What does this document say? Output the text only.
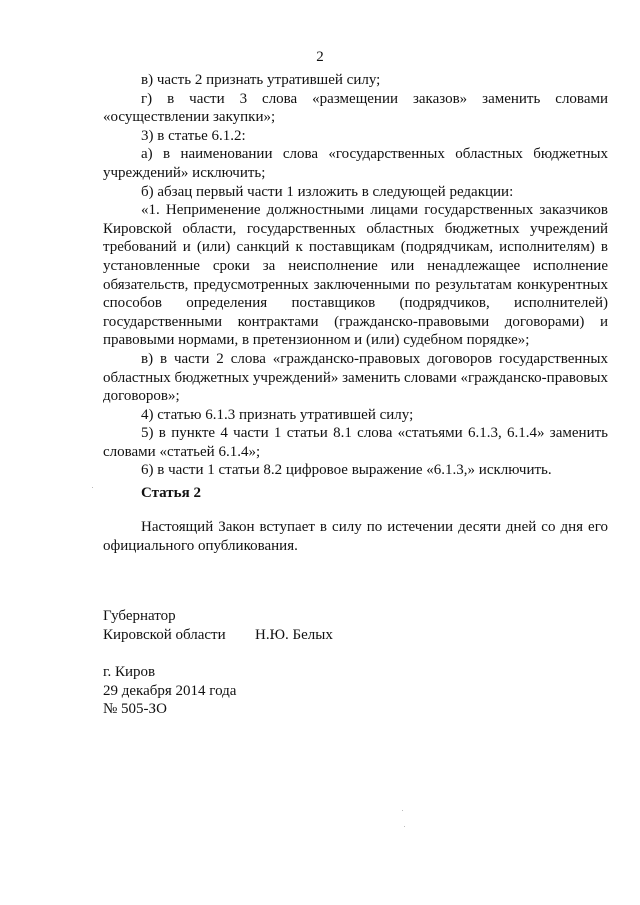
2

в) часть 2 признать утратившей силу;

г) в части 3 слова «размещении заказов» заменить словами «осуществлении закупки»;

3) в статье 6.1.2:

а) в наименовании слова «государственных областных бюджетных учреждений» исключить;

б) абзац первый части 1 изложить в следующей редакции:

«1. Неприменение должностными лицами государственных заказчиков Кировской области, государственных областных бюджетных учреждений требований и (или) санкций к поставщикам (подрядчикам, исполнителям) в установленные сроки за неисполнение или ненадлежащее исполнение обязательств, предусмотренных заключенными по результатам конкурентных способов определения поставщиков (подрядчиков, исполнителей) государственными контрактами (гражданско-правовыми договорами) и правовыми нормами, в претензионном и (или) судебном порядке»;

в) в части 2 слова «гражданско-правовых договоров государственных областных бюджетных учреждений» заменить словами «гражданско-правовых договоров»;

4) статью 6.1.3 признать утратившей силу;

5) в пункте 4 части 1 статьи 8.1 слова «статьями 6.1.3, 6.1.4» заменить словами «статьей 6.1.4»;

6) в части 1 статьи 8.2 цифровое выражение «6.1.3,» исключить.

Статья 2

Настоящий Закон вступает в силу по истечении десяти дней со дня его официального опубликования.

Губернатор
Кировской области	Н.Ю. Белых
г. Киров
29 декабря 2014 года
№ 505-ЗО
